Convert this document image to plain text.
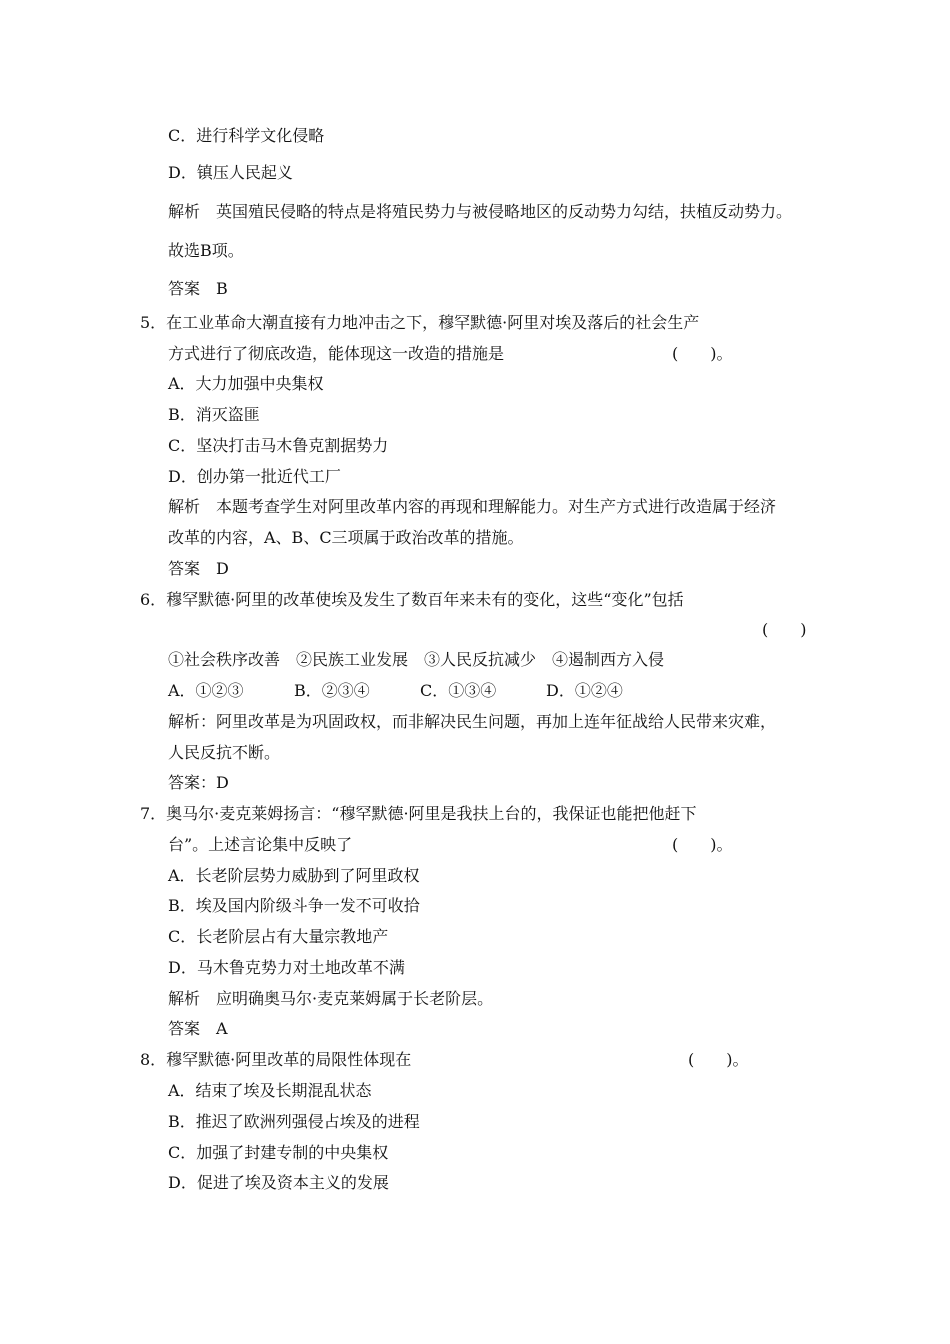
C．进行科学文化侵略
D．镇压人民起义
解析　英国殖民侵略的特点是将殖民势力与被侵略地区的反动势力勾结，扶植反动势力。
故选B项。
答案　B
5．在工业革命大潮直接有力地冲击之下，穆罕默德·阿里对埃及落后的社会生产
方式进行了彻底改造，能体现这一改造的措施是	(　　)。
A．大力加强中央集权
B．消灭盗匪
C．坚决打击马木鲁克割据势力
D．创办第一批近代工厂
解析　本题考查学生对阿里改革内容的再现和理解能力。对生产方式进行改造属于经济
改革的内容，A、B、C三项属于政治改革的措施。
答案　D
6．穆罕默德·阿里的改革使埃及发生了数百年来未有的变化，这些“变化”包括
(　　)
①社会秩序改善　②民族工业发展　③人民反抗减少　④遏制西方入侵
A．①②③	B．②③④	C．①③④	D．①②④
解析：阿里改革是为巩固政权，而非解决民生问题，再加上连年征战给人民带来灾难，
人民反抗不断。
答案：D
7．奥马尔·麦克莱姆扬言：“穆罕默德·阿里是我扶上台的，我保证也能把他赶下
台”。上述言论集中反映了	(　　)。
A．长老阶层势力威胁到了阿里政权
B．埃及国内阶级斗争一发不可收拾
C．长老阶层占有大量宗教地产
D．马木鲁克势力对土地改革不满
解析　应明确奥马尔·麦克莱姆属于长老阶层。
答案　A
8．穆罕默德·阿里改革的局限性体现在	(　　)。
A．结束了埃及长期混乱状态
B．推迟了欧洲列强侵占埃及的进程
C．加强了封建专制的中央集权
D．促进了埃及资本主义的发展
